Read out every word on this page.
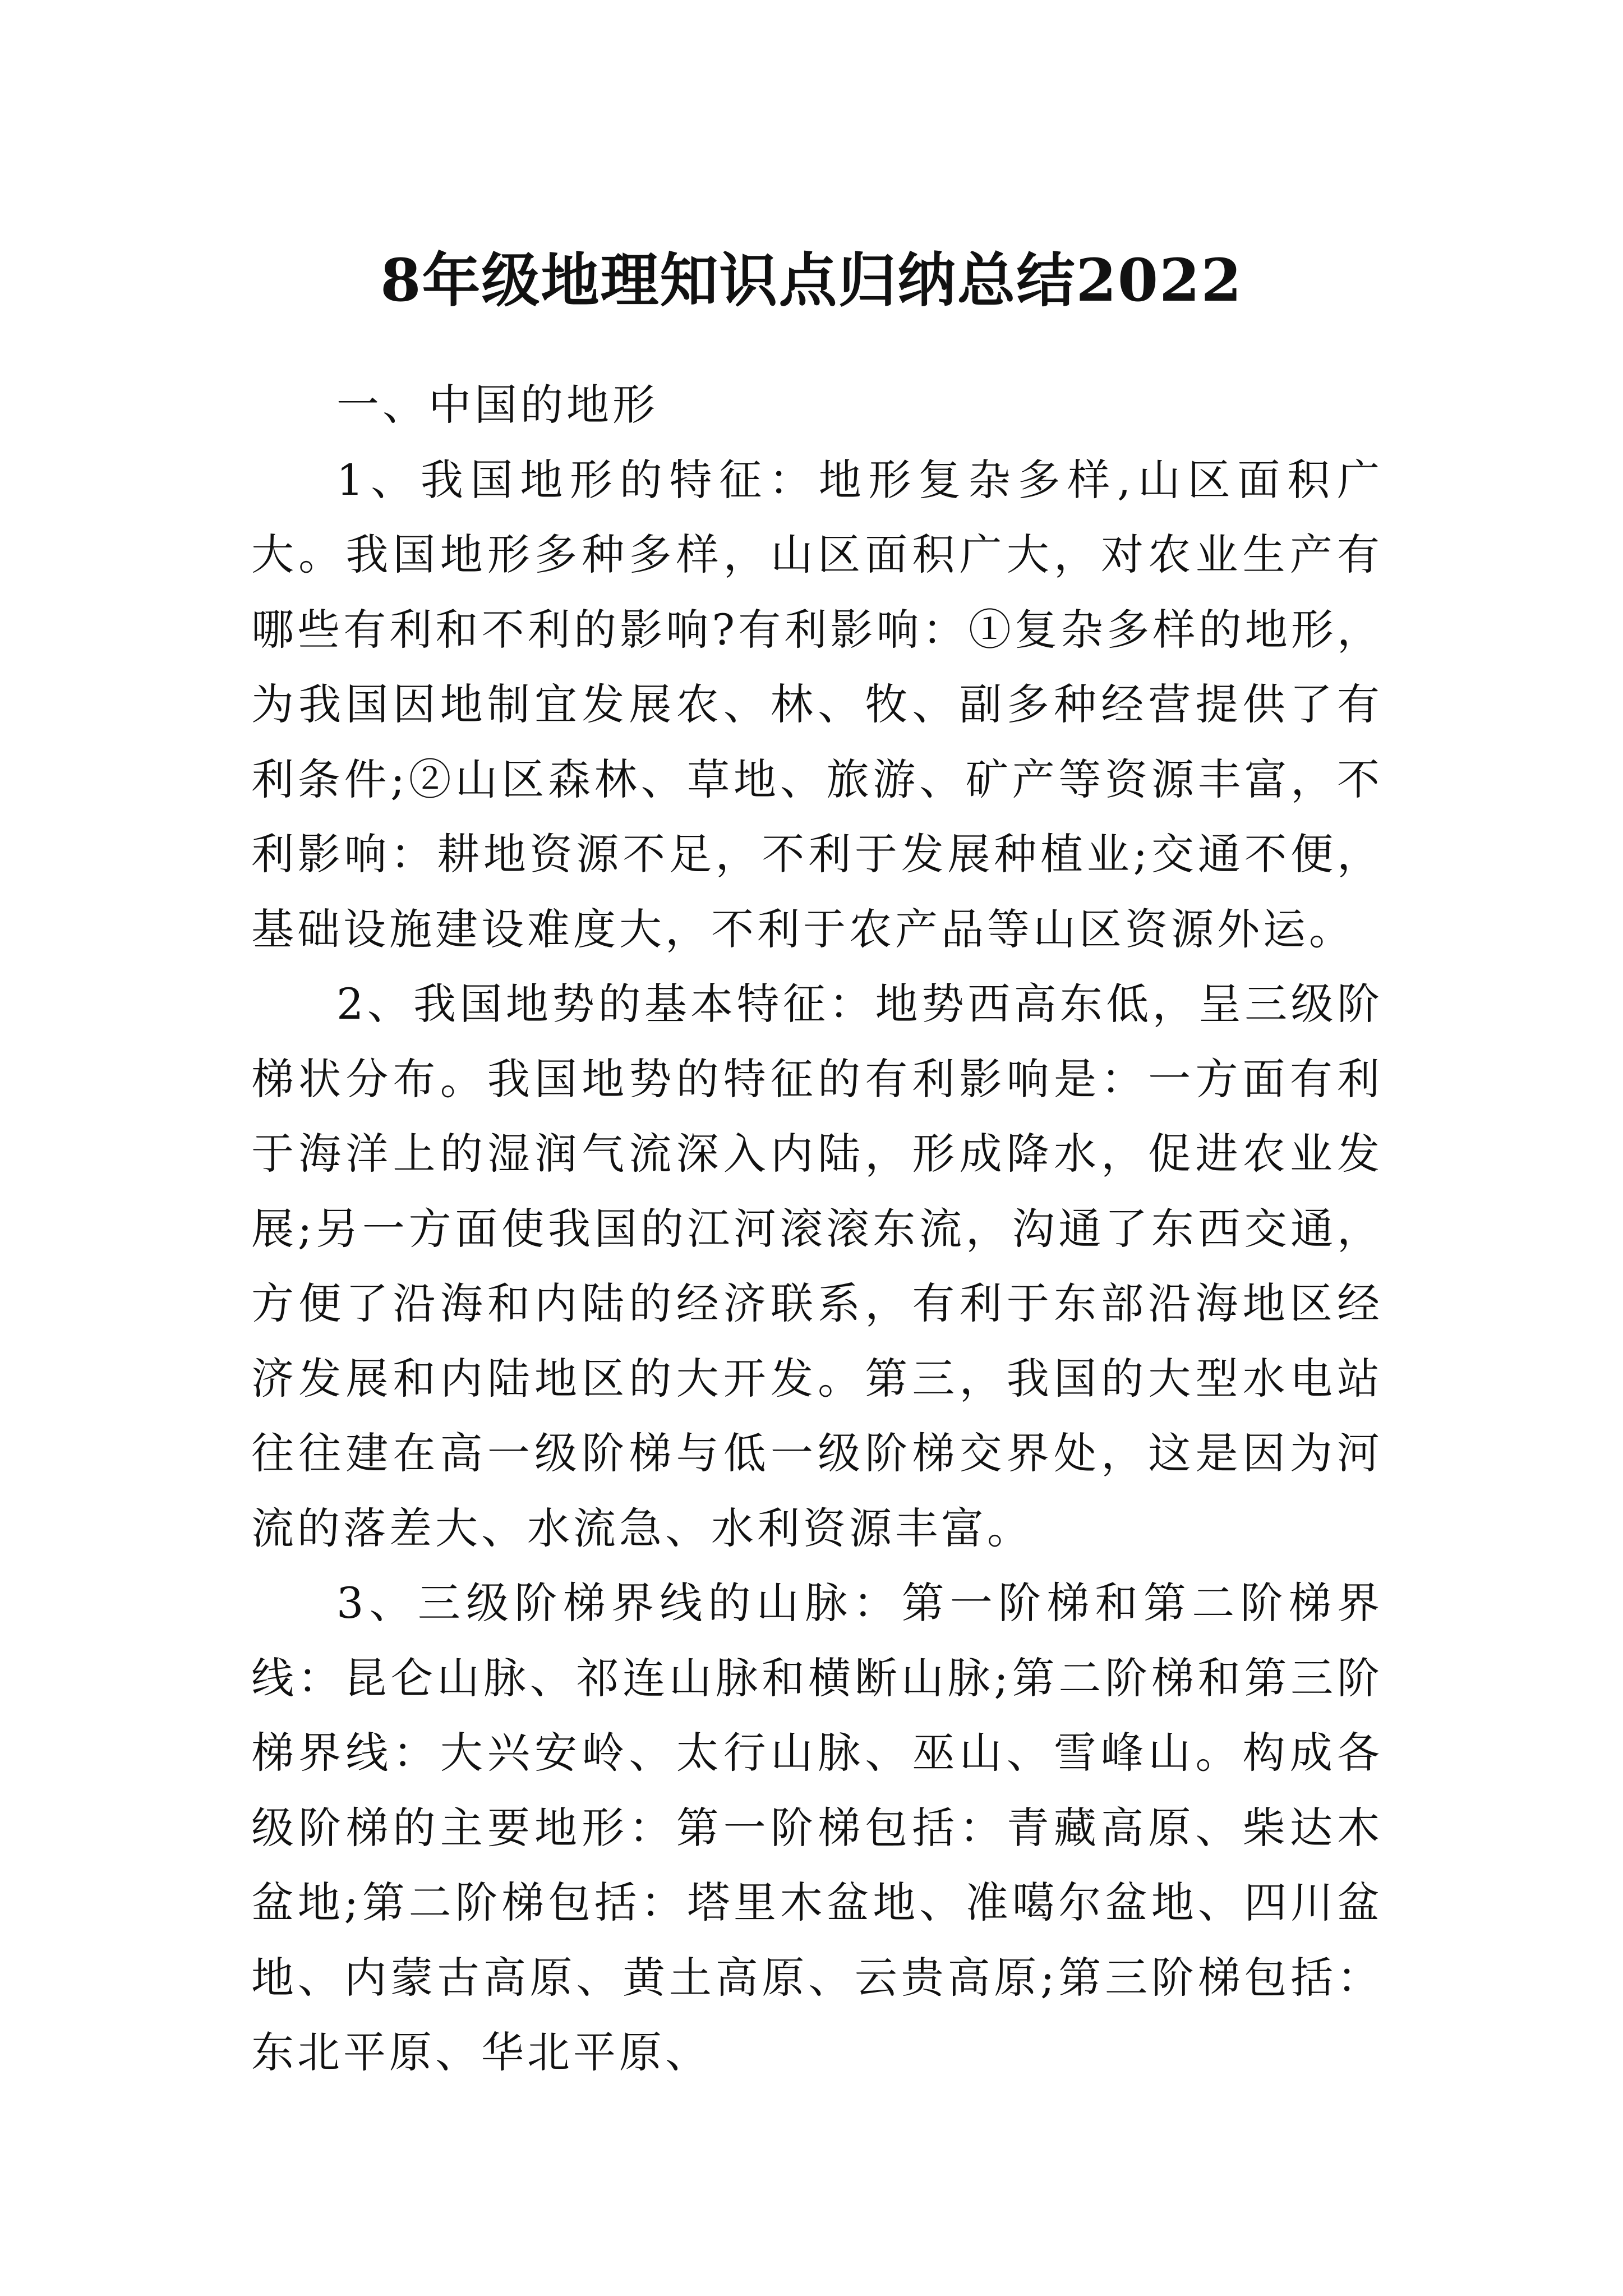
8年级地理知识点归纳总结2022

一、中国的地形

1、我国地形的特征：地形复杂多样,山区面积广大。我国地形多种多样，山区面积广大，对农业生产有哪些有利和不利的影响?有利影响：①复杂多样的地形，为我国因地制宜发展农、林、牧、副多种经营提供了有利条件;②山区森林、草地、旅游、矿产等资源丰富，不利影响：耕地资源不足，不利于发展种植业;交通不便，基础设施建设难度大，不利于农产品等山区资源外运。

2、我国地势的基本特征：地势西高东低，呈三级阶梯状分布。我国地势的特征的有利影响是：一方面有利于海洋上的湿润气流深入内陆，形成降水，促进农业发展;另一方面使我国的江河滚滚东流，沟通了东西交通，方便了沿海和内陆的经济联系，有利于东部沿海地区经济发展和内陆地区的大开发。第三，我国的大型水电站往往建在高一级阶梯与低一级阶梯交界处，这是因为河流的落差大、水流急、水利资源丰富。

3、三级阶梯界线的山脉：第一阶梯和第二阶梯界线：昆仑山脉、祁连山脉和横断山脉;第二阶梯和第三阶梯界线：大兴安岭、太行山脉、巫山、雪峰山。构成各级阶梯的主要地形：第一阶梯包括：青藏高原、柴达木盆地;第二阶梯包括：塔里木盆地、准噶尔盆地、四川盆地、内蒙古高原、黄土高原、云贵高原;第三阶梯包括：东北平原、华北平原、
